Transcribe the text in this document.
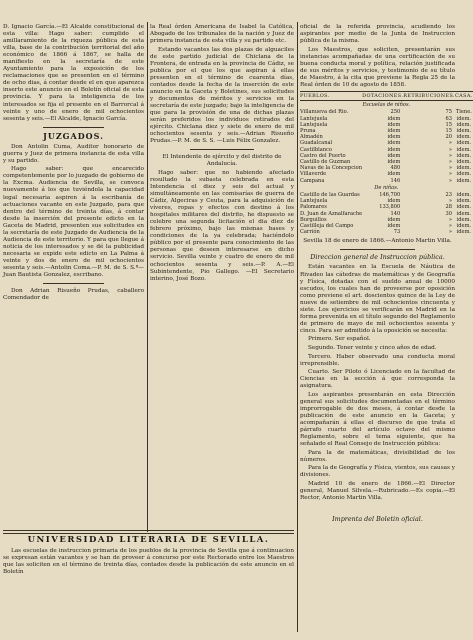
D. Ignacio García.—El Alcalde constitucional de esta villa: Hago saber: cumplido el amillaramiento de la riqueza pública de esta villa, base de la contribución territorial del año económico de 1866 á 1867, se halla de manifiesto en la secretaría de este Ayuntamiento para la exposición de los reclamaciones que se presenten en el término de ocho dias, á contar desde el en que aparezca inserto este anuncio en el Boletín oficial de esta provincia. Y para la inteligencia de los interesados se fija el presente en el Barrorcal á veinte y uno de enero de mil ochocientos sesenta y seis.—El Alcalde, Ignacio García.

JUZGADOS.

Don Antolin Cuma, Auditor honorario de guerra y Juez de primera instancia de esta villa y su partido.

Hago saber: que encarecido competentemente por lo juzgado de gobierno de la Excma. Audiencia de Sevilla, se convoca nuevamente á los que tuviéndola la capacidad legal necesaria aspiren á la escribanía de actuaciones vacante en este Juzgado, para que dentro del término de treinta días, á contar desde la inserción del presente edicto en la Gaceta de Madrid, presenten sus solicitudes en la secretaría de este Juzgado de Audiencia de la Audiencia de este territorio. Y para que llegue á noticia de los interesados y se dé la publicidad necesaria se expide este edicto en La Palma á veinte y dos de enero de mil ochocientos sesenta y seis.—Antolin Coma.—P. M. de S. S.ª—Juan Bautista Gonzalez, escribano.

Don Adrian Risueño Prudas, caballero Comendador de

la Real órden Americana de Isabel la Católica, Abogado de los tribunales de la nación y Juez de primera instancia de esta villa y su partido etc.

Estando vacantes las dos plazas de alguaciles de este partido judicial de Chiclana de la Frontera, de entrada en la provincia de Cádiz, se publica por el que los que aspiran á ellas presenten en el término de cuarenta días, contados desde la fecha de la inserción de este anuncio en la Gaceta y Boletines, sus solicitudes y documentos de méritos y servicios en la secretaría de este juzgado; bajo la inteligencia de que para la provisión de una de dichas plazas serán preferidos los individuos retirados del ejército. Chiclana diez y siete de enero de mil ochocientos sesenta y seis.—Adrian Risueño Prudas.—P. M. de S. S. —Luis Félix Gonzalez.

El Intendente de ejército y del distrito de Andalucía.

Hago saber: que no habiendo afectado resultado la subasta celebrada en esta Intendencia el diez y seis del actual y simultáneamente en las comisarías de guerra de Cádiz, Algeciras y Ceuta, para la adquisición de víveres, ropas y efectos con destino á los hospitales militares del distrito, he dispuesto se celebre una segunda licitación el dia diez de febrero próximo, bajo las mismas bases y condiciones de la ya celebrada; haciéndolo público por el presente para conocimiento de las personas que deseen interesarse en dicho servicio. Sevilla veinte y cuatro de enero de mil ochocientos sesenta y seis.—P. A.—El Subintendente, Pio Gallego. —El Secretario interino, José Bozo.

oficial de la referida provincia, acudiendo los aspirantes por medio de la Junta de Instruccion pública de la misma.

Los Maestros, que soliciten, presentarán sus instancias acompañadas de una certificación de su buena conducta moral y política, relación justificada de sus méritos y servicios, y testimonio de su título de Maestro, á la cita que previene la Regla 25 de la Real órden de 10 de agosto de 1858.

PUEBLOS.	DOTACIONES.	RETRIBUCIONES.	CASA.
Escuelas de niños.			
Villanueva del Rio.	250	75	Tiene.
Lantejuela	idem	63	idem.
Lantejuela	idem	15	idem.
Pruna	idem	15	idem.
Almadén	idem	20	idem.
Guadalcanal	idem	»	idem.
Castilblanco	idem	»	idem.
Castro del Puerto	idem	»	idem.
Castillo de Guzman	idem	»	idem.
Navas de la Concepcion	480	»	idem.
Villaverde	idem	»	idem.
Campana	146	»	idem.
De niñas.			
Castillo de las Guardas	146,700	23	idem.
Lantejuela	idem	»	idem.
Palomares	133,800	28	idem.
D. Juan de Aznalfarache	140	30	idem.
Burguillos	idem	»	idem.
Castilleja del Campo	idem	»	idem.
Carrión	73	»	idem.

Sevilla 18 de enero de 1866.—Antonio Martin Villa.

Direccion general de Instruccion pública.

Están vacantes en la Escuela de Náutica de Rivadeo las cátedras de matemáticas y de Geografía y Física, dotadas con el sueldo anual de 10000 escudos, los cuales han de proveerse por oposición como previene el art. doscientos quince de la Ley de nueve de setiembre de mil ochocientos cincuenta y siete. Los ejercicios se verificarán en Madrid en la forma prevenida en el título segundo del Reglamento de primero de mayo de mil ochocientos sesenta y cinco. Para ser admitido á la oposición se necesita:

Primero. Ser español.

Segundo. Tener veinte y cinco años de edad.

Tercero. Haber observado una conducta moral irreprensible.

Cuarto. Ser Piloto ó Licenciado en la facultad de Ciencias en la sección á que corresponda la asignatura.

Los aspirantes presentarán en esta Dirección general sus solicitudes documentadas en el término improrrogable de dos meses, á contar desde la publicación de este anuncio en la Gaceta; y acompañarán á ellas el discurso de que trata el párrafo cuarto del artículo octavo del mismo Reglamento, sobre el tema siguiente, que ha señalado el Real Consejo de Instrucción pública:

Para la de matemáticas, divisibilidad de los números.

Para la de Geografía y Física, vientos, sus causas y divisiones.

Madrid 10 de enero de 1866.—El Director general, Manuel Silvela.—Rubricado.—Es copia.—El Rector, Antonio Martin Villa.

Imprenta del Boletin oficial.
UNIVERSIDAD LITERARIA DE SEVILLA.

Las escuelas de instruccion primaria de los pueblos de la provincia de Sevilla que á continuacion se expresan están vacantes y se han de proveer á concurso por este Rectorado entre los Maestros que las soliciten en el término de treinta días, contados desde la publicación de este anuncio en el Boletín
